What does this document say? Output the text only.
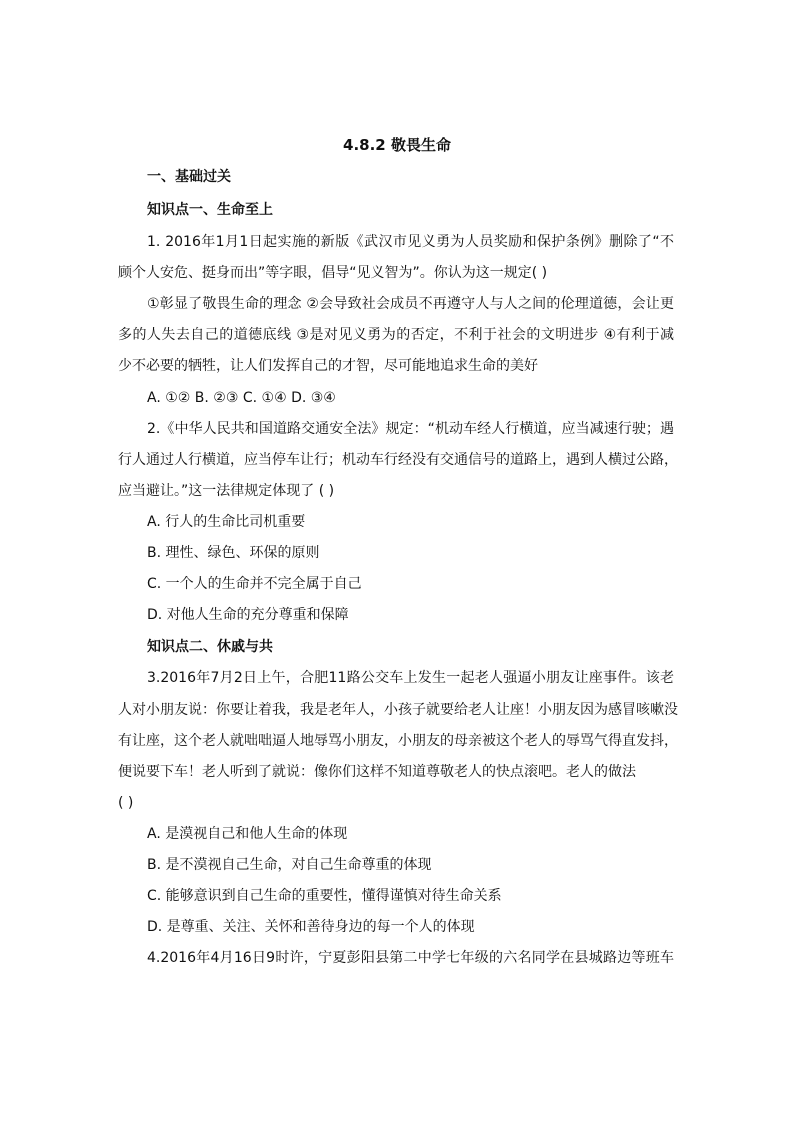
4.8.2 敬畏生命
一、基础过关
知识点一、生命至上
1. 2016年1月1日起实施的新版《武汉市见义勇为人员奖励和保护条例》删除了“不
顾个人安危、挺身而出”等字眼，倡导“见义智为”。你认为这一规定( )
①彰显了敬畏生命的理念 ②会导致社会成员不再遵守人与人之间的伦理道德，会让更
多的人失去自己的道德底线 ③是对见义勇为的否定，不利于社会的文明进步 ④有利于减
少不必要的牺牲，让人们发挥自己的才智，尽可能地追求生命的美好
A. ①② B. ②③ C. ①④ D. ③④
2.《中华人民共和国道路交通安全法》规定：“机动车经人行横道，应当减速行驶；遇
行人通过人行横道，应当停车让行；机动车行经没有交通信号的道路上，遇到人横过公路，
应当避让。”这一法律规定体现了 ( )
A. 行人的生命比司机重要
B. 理性、绿色、环保的原则
C. 一个人的生命并不完全属于自己
D. 对他人生命的充分尊重和保障
知识点二、休戚与共
3.2016年7月2日上午，合肥11路公交车上发生一起老人强逼小朋友让座事件。该老
人对小朋友说：你要让着我，我是老年人，小孩子就要给老人让座！小朋友因为感冒咳嗽没
有让座，这个老人就咄咄逼人地辱骂小朋友，小朋友的母亲被这个老人的辱骂气得直发抖，
便说要下车！老人听到了就说：像你们这样不知道尊敬老人的快点滚吧。老人的做法
( )
A. 是漠视自己和他人生命的体现
B. 是不漠视自己生命，对自己生命尊重的体现
C. 能够意识到自己生命的重要性，懂得谨慎对待生命关系
D. 是尊重、关注、关怀和善待身边的每一个人的体现
4.2016年4月16日9时许，宁夏彭阳县第二中学七年级的六名同学在县城路边等班车
